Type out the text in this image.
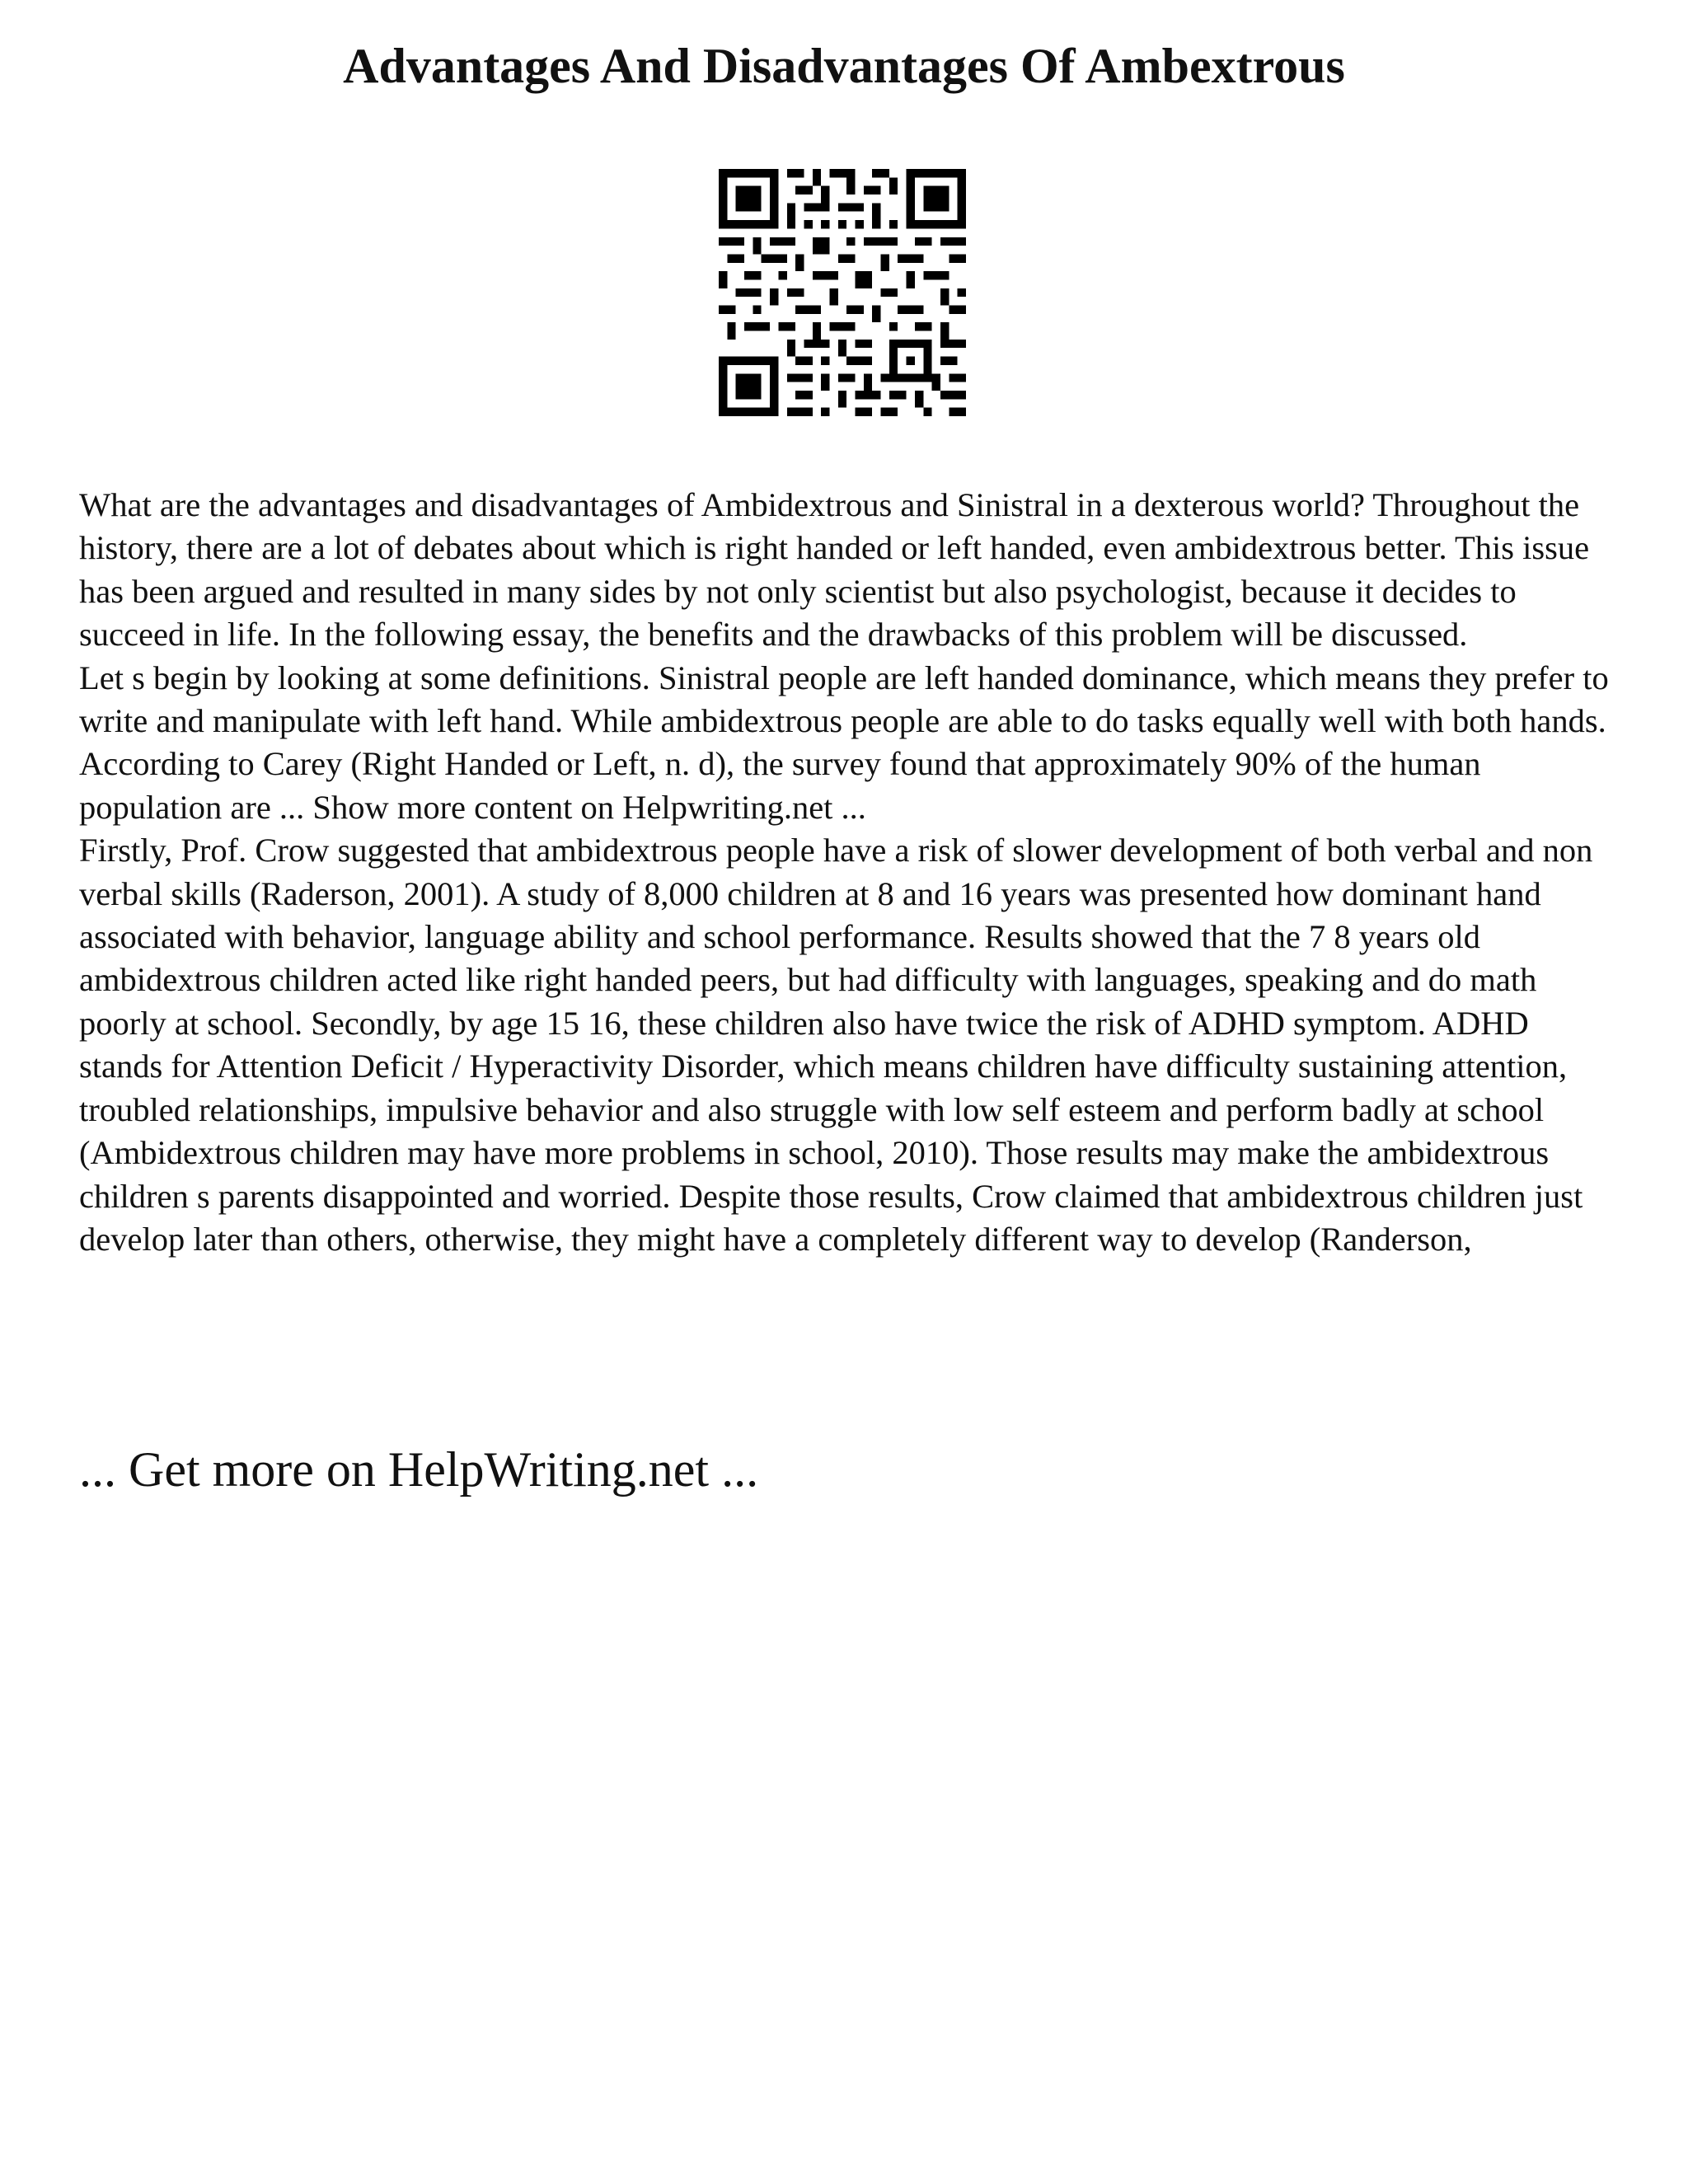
Advantages And Disadvantages Of Ambextrous

What are the advantages and disadvantages of Ambidextrous and Sinistral in a dexterous world? Throughout the history, there are a lot of debates about which is right handed or left handed, even ambidextrous better. This issue has been argued and resulted in many sides by not only scientist but also psychologist, because it decides to succeed in life. In the following essay, the benefits and the drawbacks of this problem will be discussed.

Let s begin by looking at some definitions. Sinistral people are left handed dominance, which means they prefer to write and manipulate with left hand. While ambidextrous people are able to do tasks equally well with both hands. According to Carey (Right Handed or Left, n. d), the survey found that approximately 90% of the human population are ... Show more content on Helpwriting.net ...

Firstly, Prof. Crow suggested that ambidextrous people have a risk of slower development of both verbal and non verbal skills (Raderson, 2001). A study of 8,000 children at 8 and 16 years was presented how dominant hand associated with behavior, language ability and school performance. Results showed that the 7 8 years old ambidextrous children acted like right handed peers, but had difficulty with languages, speaking and do math poorly at school. Secondly, by age 15 16, these children also have twice the risk of ADHD symptom. ADHD stands for Attention Deficit / Hyperactivity Disorder, which means children have difficulty sustaining attention, troubled relationships, impulsive behavior and also struggle with low self esteem and perform badly at school (Ambidextrous children may have more problems in school, 2010). Those results may make the ambidextrous children s parents disappointed and worried. Despite those results, Crow claimed that ambidextrous children just develop later than others, otherwise, they might have a completely different way to develop (Randerson,

... Get more on HelpWriting.net ...
